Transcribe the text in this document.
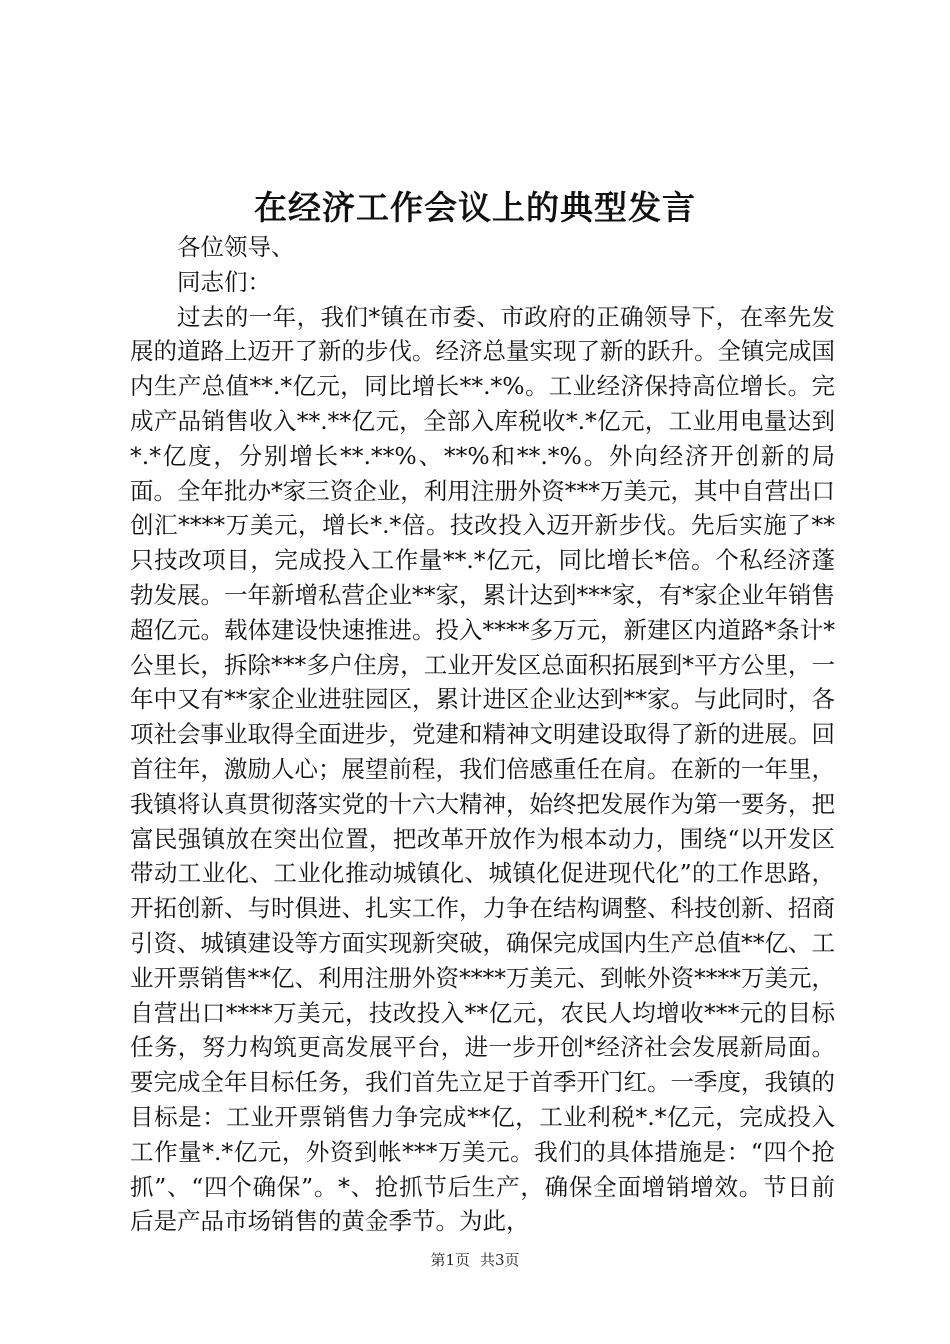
在经济工作会议上的典型发言

各位领导、

同志们：

过去的一年，我们*镇在市委、市政府的正确领导下，在率先发展的道路上迈开了新的步伐。经济总量实现了新的跃升。全镇完成国内生产总值**.*亿元，同比增长**.*%。工业经济保持高位增长。完成产品销售收入**.**亿元，全部入库税收*.*亿元，工业用电量达到*.*亿度，分别增长**.**%、**%和**.*%。外向经济开创新的局面。全年批办*家三资企业，利用注册外资***万美元，其中自营出口创汇****万美元，增长*.*倍。技改投入迈开新步伐。先后实施了**只技改项目，完成投入工作量**.*亿元，同比增长*倍。个私经济蓬勃发展。一年新增私营企业**家，累计达到***家，有*家企业年销售超亿元。载体建设快速推进。投入****多万元，新建区内道路*条计*公里长，拆除***多户住房，工业开发区总面积拓展到*平方公里，一年中又有**家企业进驻园区，累计进区企业达到**家。与此同时，各项社会事业取得全面进步，党建和精神文明建设取得了新的进展。回首往年，激励人心；展望前程，我们倍感重任在肩。在新的一年里，我镇将认真贯彻落实党的十六大精神，始终把发展作为第一要务，把富民强镇放在突出位置，把改革开放作为根本动力，围绕“以开发区带动工业化、工业化推动城镇化、城镇化促进现代化”的工作思路，开拓创新、与时俱进、扎实工作，力争在结构调整、科技创新、招商引资、城镇建设等方面实现新突破，确保完成国内生产总值**亿、工业开票销售**亿、利用注册外资****万美元、到帐外资****万美元，自营出口****万美元，技改投入**亿元，农民人均增收***元的目标任务，努力构筑更高发展平台，进一步开创*经济社会发展新局面。要完成全年目标任务，我们首先立足于首季开门红。一季度，我镇的目标是：工业开票销售力争完成**亿，工业利税*.*亿元，完成投入工作量*.*亿元，外资到帐***万美元。我们的具体措施是：“四个抢抓”、“四个确保”。*、抢抓节后生产，确保全面增销增效。节日前后是产品市场销售的黄金季节。为此，

第1页 共3页
